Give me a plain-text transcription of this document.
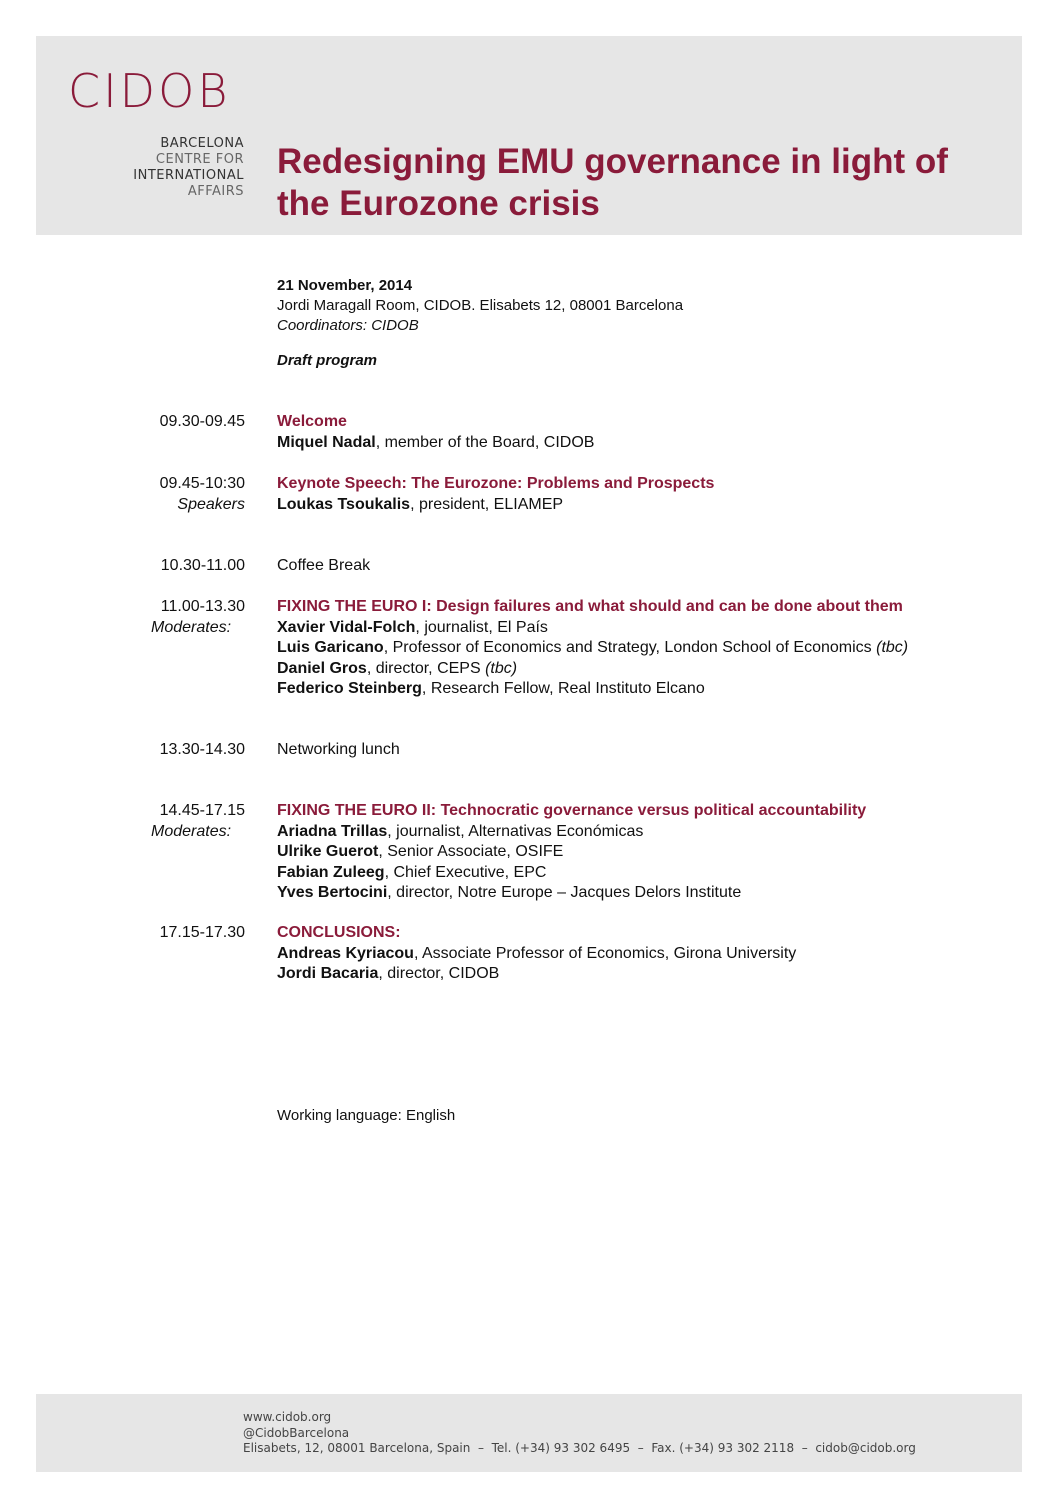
CIDOB
BARCELONA
CENTRE FOR
INTERNATIONAL
AFFAIRS
Redesigning EMU governance in light of the Eurozone crisis
21 November, 2014
Jordi Maragall Room, CIDOB. Elisabets 12, 08001 Barcelona
Coordinators: CIDOB
Draft program
09.30-09.45 Welcome
Miquel Nadal, member of the Board, CIDOB
09.45-10:30
Speakers
Keynote Speech: The Eurozone: Problems and Prospects
Loukas Tsoukalis, president, ELIAMEP
10.30-11.00 Coffee Break
11.00-13.30
Moderates:
FIXING THE EURO I: Design failures and what should and can be done about them
Xavier Vidal-Folch, journalist, El País
Luis Garicano, Professor of Economics and Strategy, London School of Economics (tbc)
Daniel Gros, director, CEPS (tbc)
Federico Steinberg, Research Fellow, Real Instituto Elcano
13.30-14.30 Networking lunch
14.45-17.15
Moderates:
FIXING THE EURO II: Technocratic governance versus political accountability
Ariadna Trillas, journalist, Alternativas Económicas
Ulrike Guerot, Senior Associate, OSIFE
Fabian Zuleeg, Chief Executive, EPC
Yves Bertocini, director, Notre Europe – Jacques Delors Institute
17.15-17.30 CONCLUSIONS:
Andreas Kyriacou, Associate Professor of Economics, Girona University
Jordi Bacaria, director, CIDOB
Working language: English
www.cidob.org
@CidobBarcelona
Elisabets, 12, 08001 Barcelona, Spain  –  Tel. (+34) 93 302 6495  –  Fax. (+34) 93 302 2118  –  cidob@cidob.org
